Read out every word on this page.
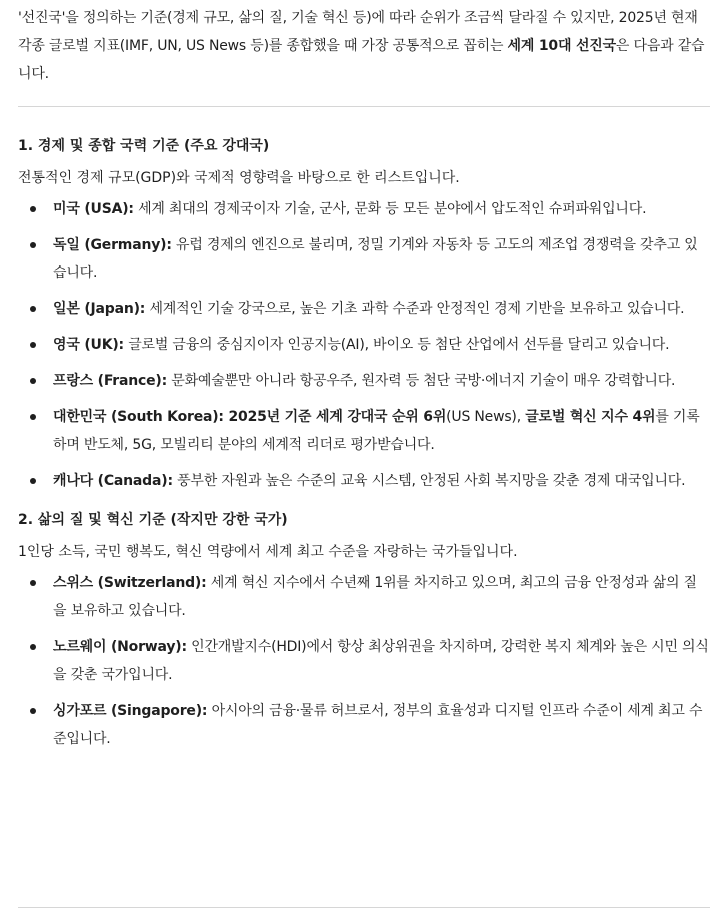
'선진국'을 정의하는 기준(경제 규모, 삶의 질, 기술 혁신 등)에 따라 순위가 조금씩 달라질 수 있지만, 2025년 현재 각종 글로벌 지표(IMF, UN, US News 등)를 종합했을 때 가장 공통적으로 꼽히는 세계 10대 선진국은 다음과 같습니다.

1. 경제 및 종합 국력 기준 (주요 강대국)

전통적인 경제 규모(GDP)와 국제적 영향력을 바탕으로 한 리스트입니다.

미국 (USA): 세계 최대의 경제국이자 기술, 군사, 문화 등 모든 분야에서 압도적인 슈퍼파워입니다.
독일 (Germany): 유럽 경제의 엔진으로 불리며, 정밀 기계와 자동차 등 고도의 제조업 경쟁력을 갖추고 있습니다.
일본 (Japan): 세계적인 기술 강국으로, 높은 기초 과학 수준과 안정적인 경제 기반을 보유하고 있습니다.
영국 (UK): 글로벌 금융의 중심지이자 인공지능(AI), 바이오 등 첨단 산업에서 선두를 달리고 있습니다.
프랑스 (France): 문화예술뿐만 아니라 항공우주, 원자력 등 첨단 국방·에너지 기술이 매우 강력합니다.
대한민국 (South Korea): 2025년 기준 세계 강대국 순위 6위(US News), 글로벌 혁신 지수 4위를 기록하며 반도체, 5G, 모빌리티 분야의 세계적 리더로 평가받습니다.
캐나다 (Canada): 풍부한 자원과 높은 수준의 교육 시스템, 안정된 사회 복지망을 갖춘 경제 대국입니다.
2. 삶의 질 및 혁신 기준 (작지만 강한 국가)

1인당 소득, 국민 행복도, 혁신 역량에서 세계 최고 수준을 자랑하는 국가들입니다.

스위스 (Switzerland): 세계 혁신 지수에서 수년째 1위를 차지하고 있으며, 최고의 금융 안정성과 삶의 질을 보유하고 있습니다.
노르웨이 (Norway): 인간개발지수(HDI)에서 항상 최상위권을 차지하며, 강력한 복지 체계와 높은 시민 의식을 갖춘 국가입니다.
싱가포르 (Singapore): 아시아의 금융·물류 허브로서, 정부의 효율성과 디지털 인프라 수준이 세계 최고 수준입니다.
